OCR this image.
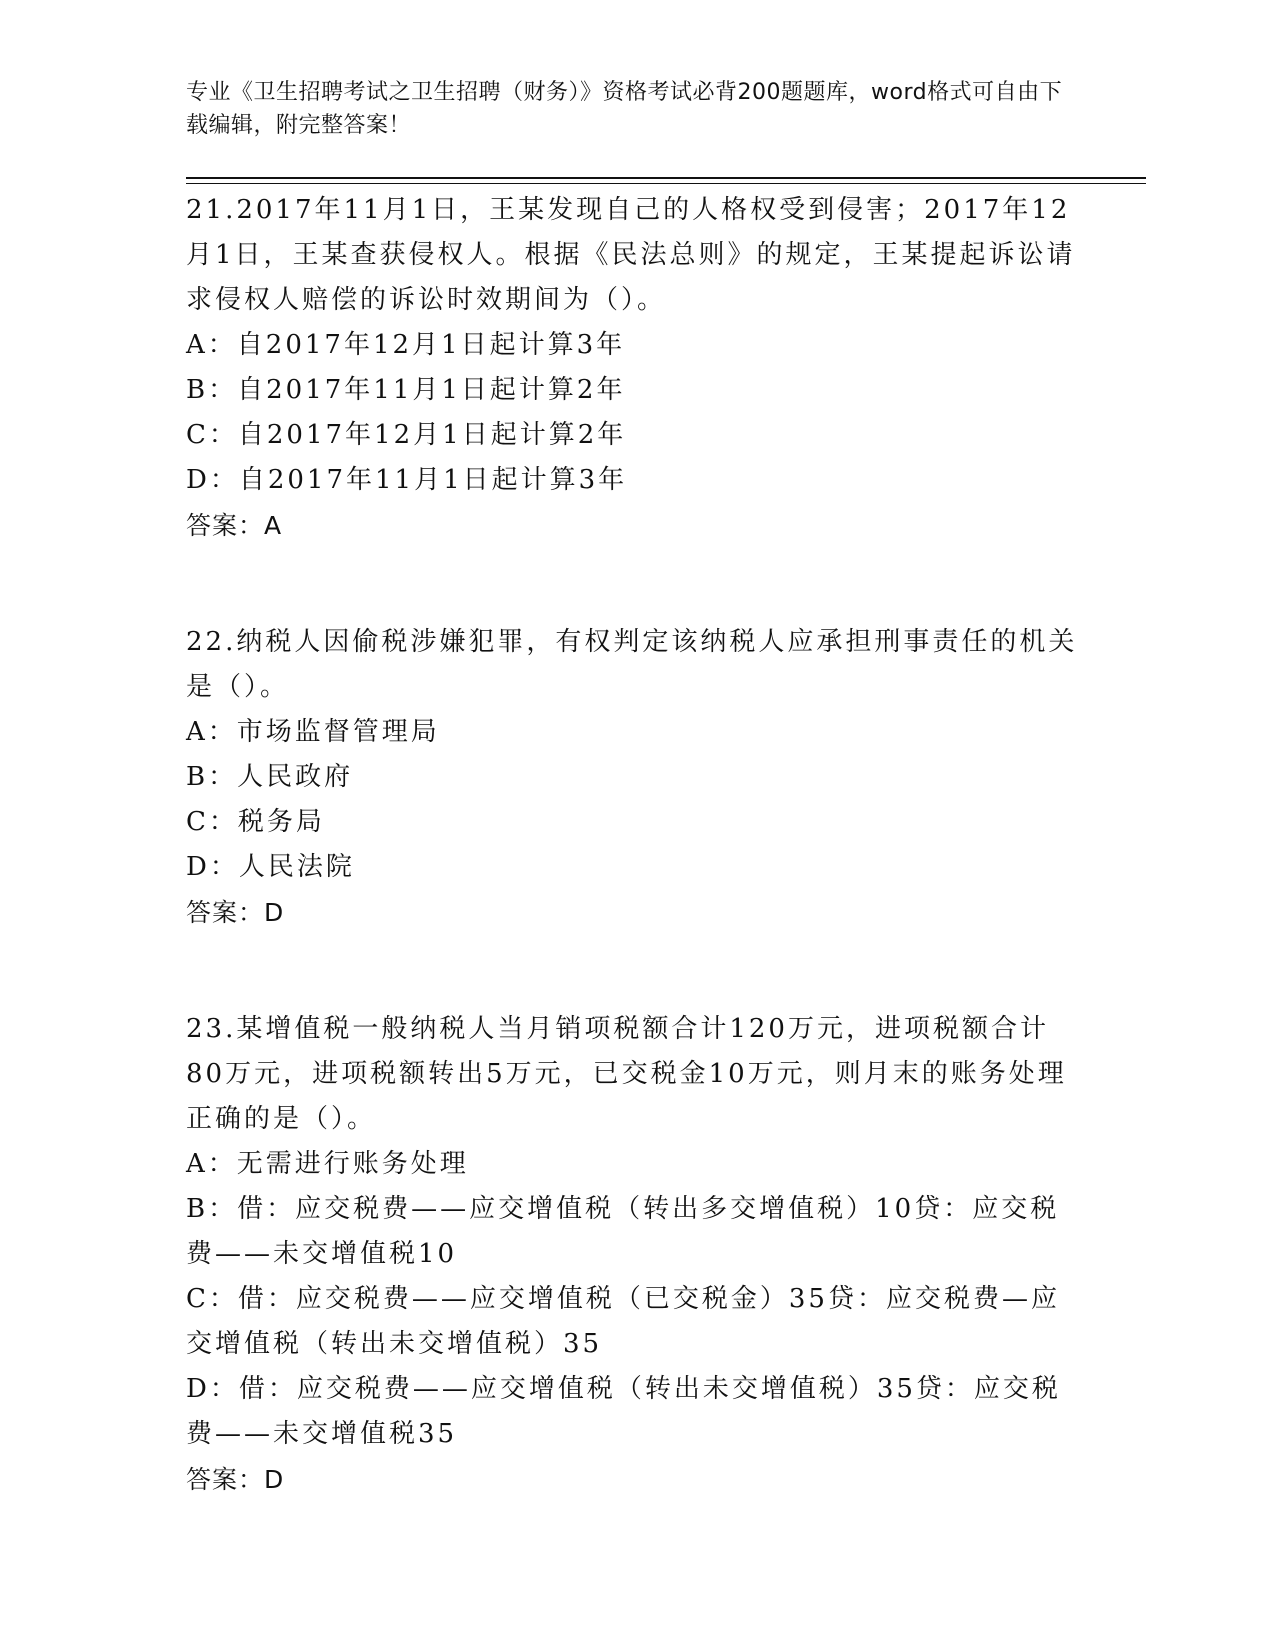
专业《卫生招聘考试之卫生招聘（财务）》资格考试必背200题题库，word格式可自由下载编辑，附完整答案！

21.2017年11月1日，王某发现自己的人格权受到侵害；2017年12月1日，王某查获侵权人。根据《民法总则》的规定，王某提起诉讼请求侵权人赔偿的诉讼时效期间为（）。

A：自2017年12月1日起计算3年

B：自2017年11月1日起计算2年

C：自2017年12月1日起计算2年

D：自2017年11月1日起计算3年

答案：A

22.纳税人因偷税涉嫌犯罪，有权判定该纳税人应承担刑事责任的机关是（）。

A：市场监督管理局

B：人民政府

C：税务局

D：人民法院

答案：D

23.某增值税一般纳税人当月销项税额合计120万元，进项税额合计80万元，进项税额转出5万元，已交税金10万元，则月末的账务处理正确的是（）。

A：无需进行账务处理

B：借：应交税费——应交增值税（转出多交增值税）10贷：应交税费——未交增值税10

C：借：应交税费——应交增值税（已交税金）35贷：应交税费—应交增值税（转出未交增值税）35

D：借：应交税费——应交增值税（转出未交增值税）35贷：应交税费——未交增值税35

答案：D
